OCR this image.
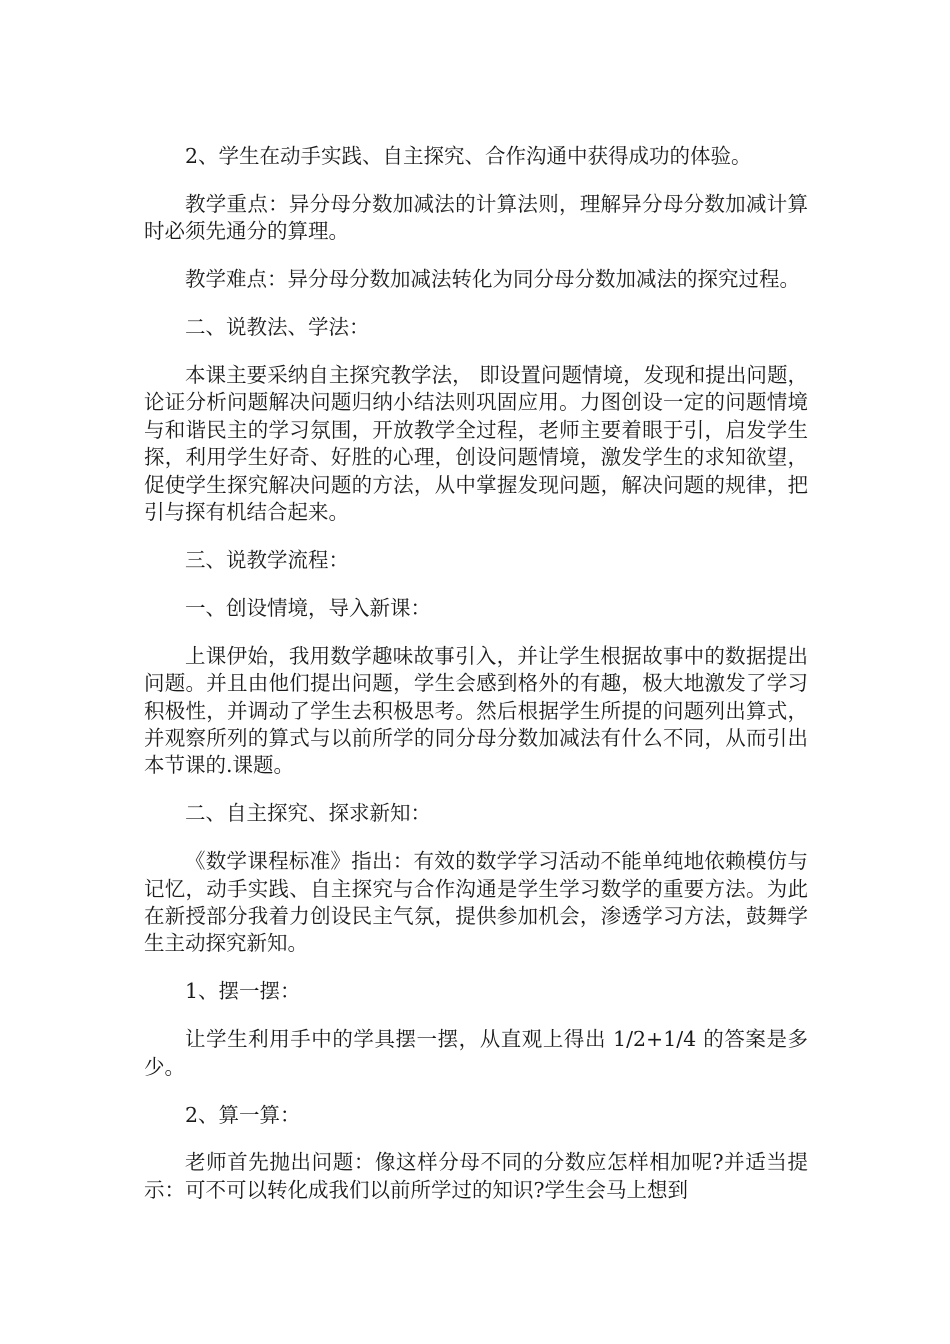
2、学生在动手实践、自主探究、合作沟通中获得成功的体验。

教学重点：异分母分数加减法的计算法则，理解异分母分数加减计算时必须先通分的算理。

教学难点：异分母分数加减法转化为同分母分数加减法的探究过程。

二、说教法、学法：

本课主要采纳自主探究教学法， 即设置问题情境，发现和提出问题，论证分析问题解决问题归纳小结法则巩固应用。力图创设一定的问题情境与和谐民主的学习氛围，开放教学全过程，老师主要着眼于引，启发学生探，利用学生好奇、好胜的心理，创设问题情境，激发学生的求知欲望，促使学生探究解决问题的方法，从中掌握发现问题，解决问题的规律，把引与探有机结合起来。

三、说教学流程：

一、创设情境，导入新课：

上课伊始，我用数学趣味故事引入，并让学生根据故事中的数据提出问题。并且由他们提出问题，学生会感到格外的有趣，极大地激发了学习积极性，并调动了学生去积极思考。然后根据学生所提的问题列出算式，并观察所列的算式与以前所学的同分母分数加减法有什么不同，从而引出本节课的.课题。

二、自主探究、探求新知：

《数学课程标准》指出：有效的数学学习活动不能单纯地依赖模仿与记忆，动手实践、自主探究与合作沟通是学生学习数学的重要方法。为此在新授部分我着力创设民主气氛，提供参加机会，渗透学习方法，鼓舞学生主动探究新知。

1、摆一摆：

让学生利用手中的学具摆一摆，从直观上得出 1/2+1/4 的答案是多少。

2、算一算：

老师首先抛出问题：像这样分母不同的分数应怎样相加呢?并适当提示：可不可以转化成我们以前所学过的知识?学生会马上想到
